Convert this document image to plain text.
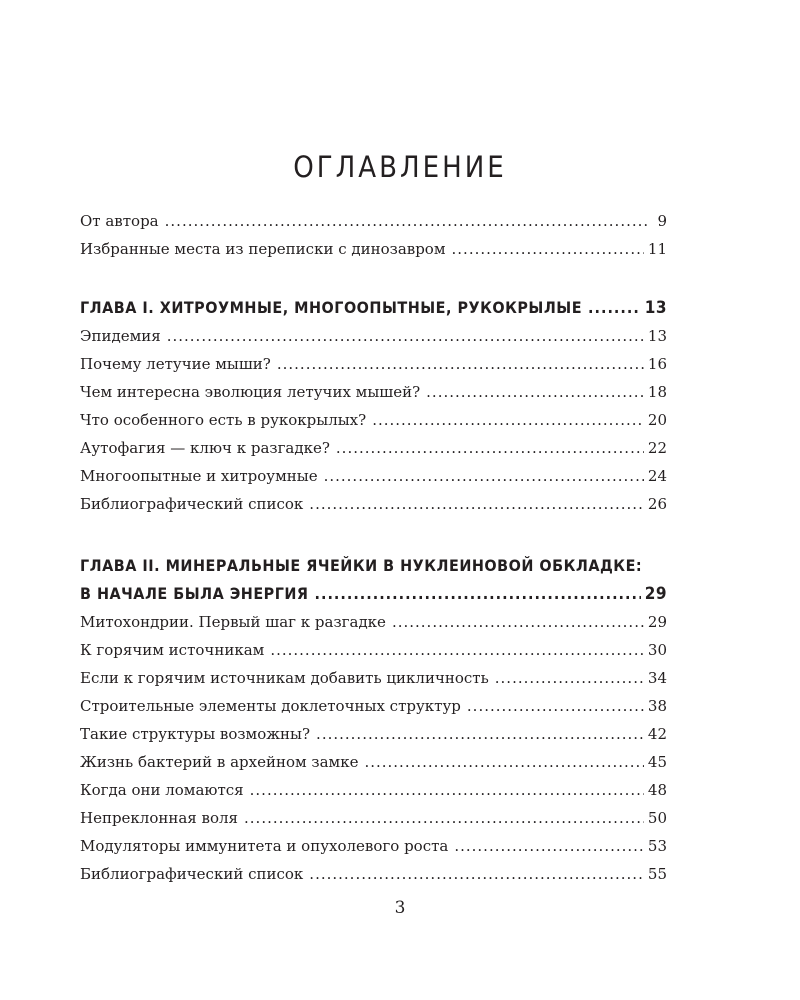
ОГЛАВЛЕНИЕ
От автора .....	9
Избранные места из переписки с динозавром .....	11
ГЛАВА I. ХИТРОУМНЫЕ, МНОГООПЫТНЫЕ, РУКОКРЫЛЫЕ .....	13
Эпидемия .....	13
Почему летучие мыши? .....	16
Чем интересна эволюция летучих мышей? .....	18
Что особенного есть в рукокрылых? .....	20
Аутофагия — ключ к разгадке? .....	22
Многоопытные и хитроумные .....	24
Библиографический список .....	26
ГЛАВА II. МИНЕРАЛЬНЫЕ ЯЧЕЙКИ В НУКЛЕИНОВОЙ ОБКЛАДКЕ:
В НАЧАЛЕ БЫЛА ЭНЕРГИЯ .....	29
Митохондрии. Первый шаг к разгадке .....	29
К горячим источникам .....	30
Если к горячим источникам добавить цикличность .....	34
Строительные элементы доклеточных структур .....	38
Такие структуры возможны? .....	42
Жизнь бактерий в архейном замке .....	45
Когда они ломаются .....	48
Непреклонная воля .....	50
Модуляторы иммунитета и опухолевого роста .....	53
Библиографический список .....	55
3
